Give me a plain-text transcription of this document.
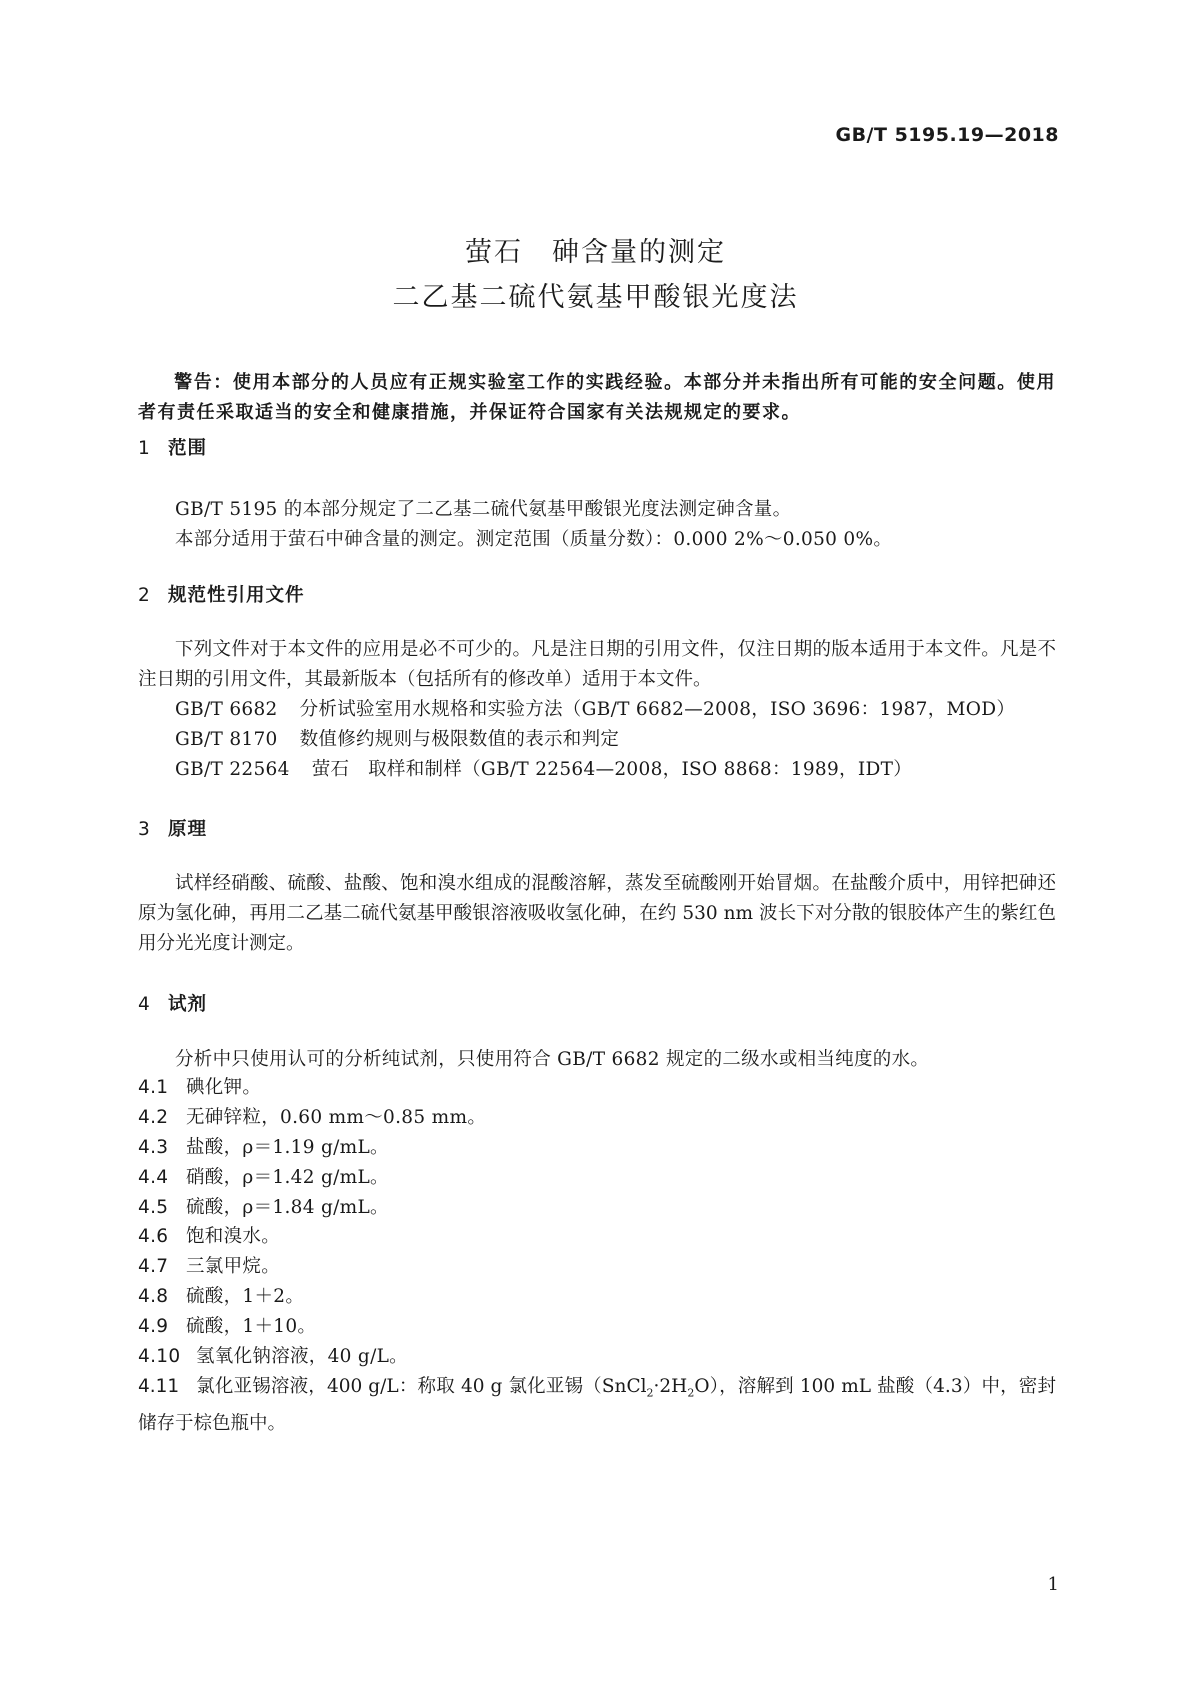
GB/T 5195.19—2018
萤石　砷含量的测定
二乙基二硫代氨基甲酸银光度法
警告：使用本部分的人员应有正规实验室工作的实践经验。本部分并未指出所有可能的安全问题。使用者有责任采取适当的安全和健康措施，并保证符合国家有关法规规定的要求。
1 范围
GB/T 5195 的本部分规定了二乙基二硫代氨基甲酸银光度法测定砷含量。
本部分适用于萤石中砷含量的测定。测定范围（质量分数）：0.000 2%～0.050 0%。
2 规范性引用文件
下列文件对于本文件的应用是必不可少的。凡是注日期的引用文件，仅注日期的版本适用于本文件。凡是不注日期的引用文件，其最新版本（包括所有的修改单）适用于本文件。
GB/T 6682 分析试验室用水规格和实验方法（GB/T 6682—2008，ISO 3696：1987，MOD）
GB/T 8170 数值修约规则与极限数值的表示和判定
GB/T 22564 萤石　取样和制样（GB/T 22564—2008，ISO 8868：1989，IDT）
3 原理
试样经硝酸、硫酸、盐酸、饱和溴水组成的混酸溶解，蒸发至硫酸刚开始冒烟。在盐酸介质中，用锌把砷还原为氢化砷，再用二乙基二硫代氨基甲酸银溶液吸收氢化砷，在约 530 nm 波长下对分散的银胶体产生的紫红色用分光光度计测定。
4 试剂
分析中只使用认可的分析纯试剂，只使用符合 GB/T 6682 规定的二级水或相当纯度的水。
4.1 碘化钾。
4.2 无砷锌粒，0.60 mm～0.85 mm。
4.3 盐酸，ρ＝1.19 g/mL。
4.4 硝酸，ρ＝1.42 g/mL。
4.5 硫酸，ρ＝1.84 g/mL。
4.6 饱和溴水。
4.7 三氯甲烷。
4.8 硫酸，1＋2。
4.9 硫酸，1＋10。
4.10 氢氧化钠溶液，40 g/L。
4.11 氯化亚锡溶液，400 g/L：称取 40 g 氯化亚锡$(SnCl_2\cdot 2H_2O)$，溶解到 100 mL 盐酸（4.3）中，密封储存于棕色瓶中。
1
